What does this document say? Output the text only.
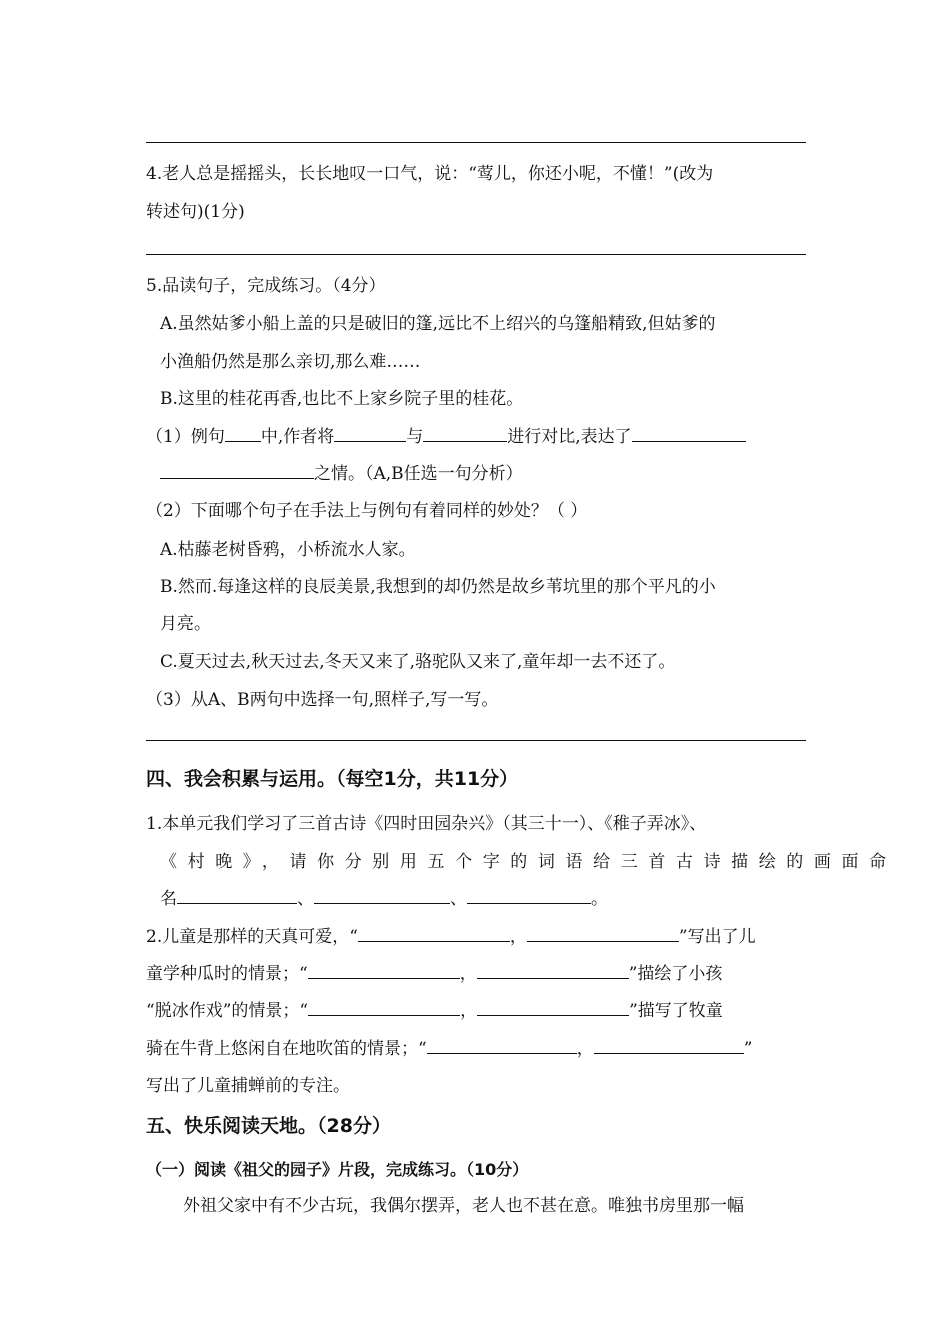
4.老人总是摇摇头，长长地叹一口气，说：“莺儿，你还小呢，不懂！”(改为
转述句)(1分)
5.品读句子，完成练习。（4分）
A.虽然姑爹小船上盖的只是破旧的篷,远比不上绍兴的乌篷船精致,但姑爹的
小渔船仍然是那么亲切,那么难……
B.这里的桂花再香,也比不上家乡院子里的桂花。
（1）例句 中,作者将	与	进行对比,表达了
之情。（A,B任选一句分析）
（2）下面哪个句子在手法上与例句有着同样的妙处？（ ）
A.枯藤老树昏鸦，小桥流水人家。
B.然而.每逢这样的良辰美景,我想到的却仍然是故乡苇坑里的那个平凡的小
月亮。
C.夏天过去,秋天过去,冬天又来了,骆驼队又来了,童年却一去不还了。
（3）从A、B两句中选择一句,照样子,写一写。
四、我会积累与运用。（每空1分，共11分）
1.本单元我们学习了三首古诗《四时田园杂兴》（其三十一）、《稚子弄冰》、
《村晚》，请你分别用五个字的词语给三首古诗描绘的画面命
名	、	、	。
2.儿童是那样的天真可爱，“	，	”写出了儿
童学种瓜时的情景；“	，	”描绘了小孩
“脱冰作戏”的情景；“	，	”描写了牧童
骑在牛背上悠闲自在地吹笛的情景；“	，	”
写出了儿童捕蝉前的专注。
五、快乐阅读天地。（28分）
（一）阅读《祖父的园子》片段，完成练习。（10分）
外祖父家中有不少古玩，我偶尔摆弄，老人也不甚在意。唯独书房里那一幅
